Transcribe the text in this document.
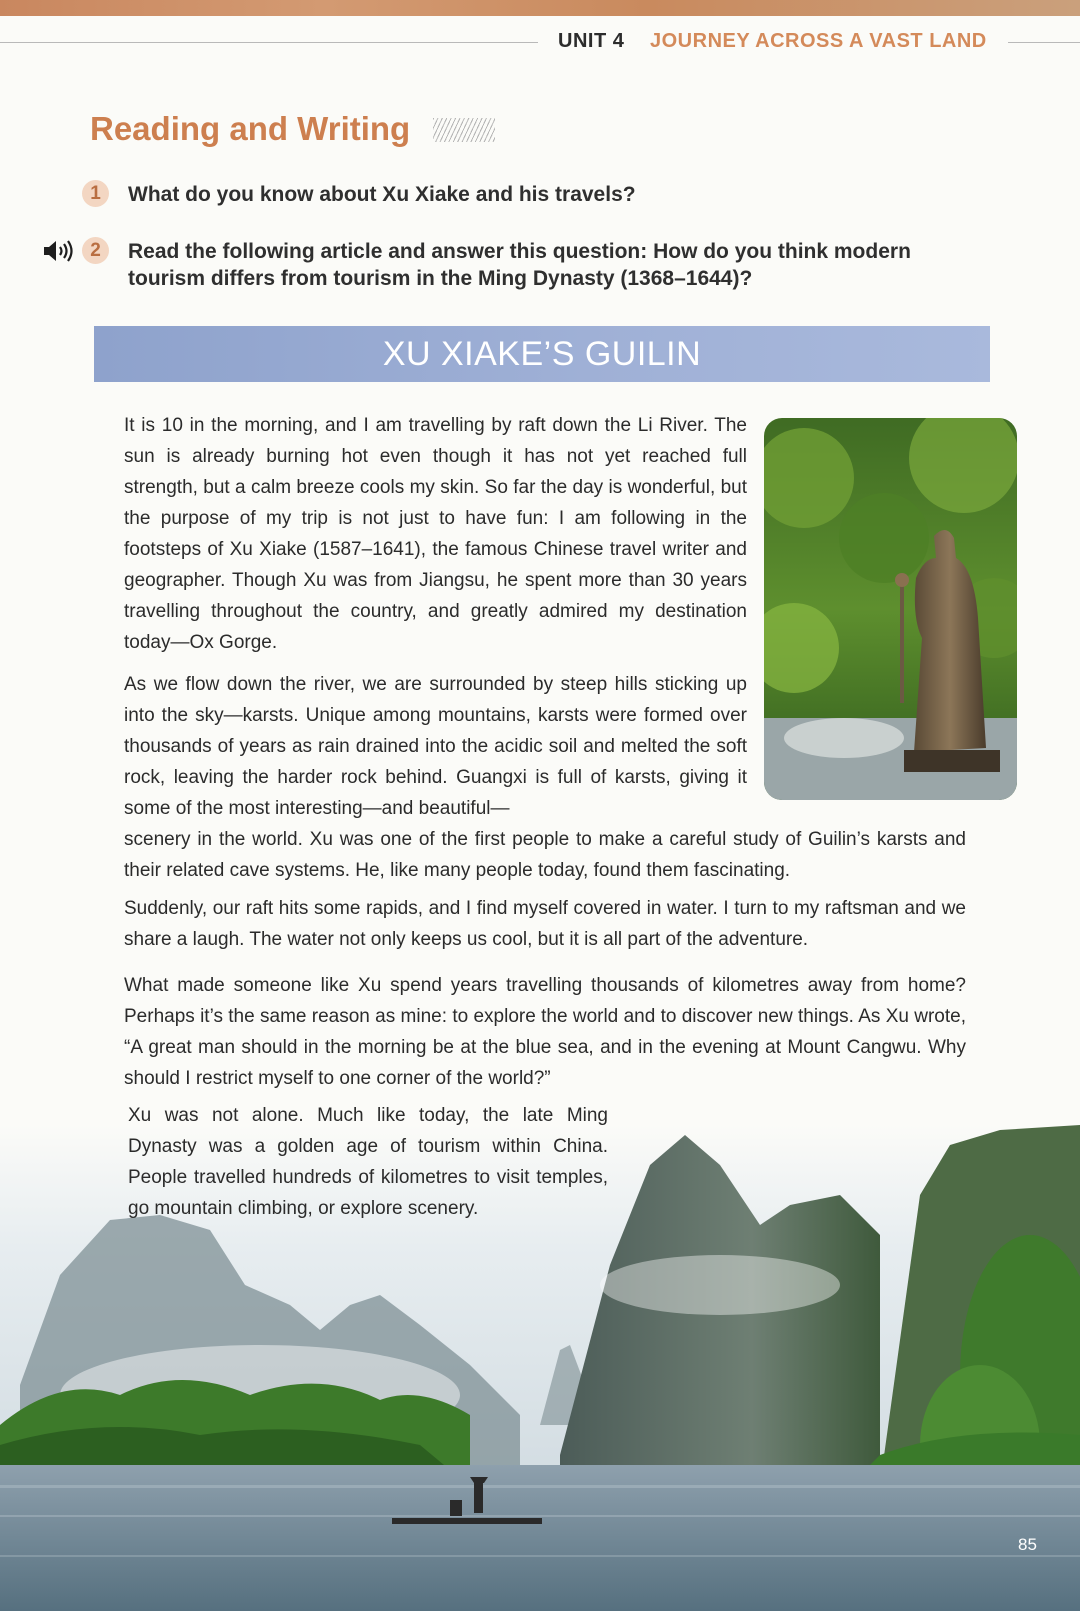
UNIT 4 JOURNEY ACROSS A VAST LAND
Reading and Writing
1	What do you know about Xu Xiake and his travels?
2	Read the following article and answer this question: How do you think modern tourism differs from tourism in the Ming Dynasty (1368–1644)?
XU XIAKE’S GUILIN

It is 10 in the morning, and I am travelling by raft down the Li River. The sun is already burning hot even though it has not yet reached full strength, but a calm breeze cools my skin. So far the day is wonderful, but the purpose of my trip is not just to have fun: I am following in the footsteps of Xu Xiake (1587–1641), the famous Chinese travel writer and geographer. Though Xu was from Jiangsu, he spent more than 30 years travelling throughout the country, and greatly admired my destination today—Ox Gorge.

As we flow down the river, we are surrounded by steep hills sticking up into the sky—karsts. Unique among mountains, karsts were formed over thousands of years as rain drained into the acidic soil and melted the soft rock, leaving the harder rock behind. Guangxi is full of karsts, giving it some of the most interesting—and beautiful—

scenery in the world. Xu was one of the first people to make a careful study of Guilin’s karsts and their related cave systems. He, like many people today, found them fascinating.

Suddenly, our raft hits some rapids, and I find myself covered in water. I turn to my raftsman and we share a laugh. The water not only keeps us cool, but it is all part of the adventure.

What made someone like Xu spend years travelling thousands of kilometres away from home? Perhaps it’s the same reason as mine: to explore the world and to discover new things. As Xu wrote, “A great man should in the morning be at the blue sea, and in the evening at Mount Cangwu. Why should I restrict myself to one corner of the world?”

Xu was not alone. Much like today, the late Ming Dynasty was a golden age of tourism within China. People travelled hundreds of kilometres to visit temples, go mountain climbing, or explore scenery.

85
